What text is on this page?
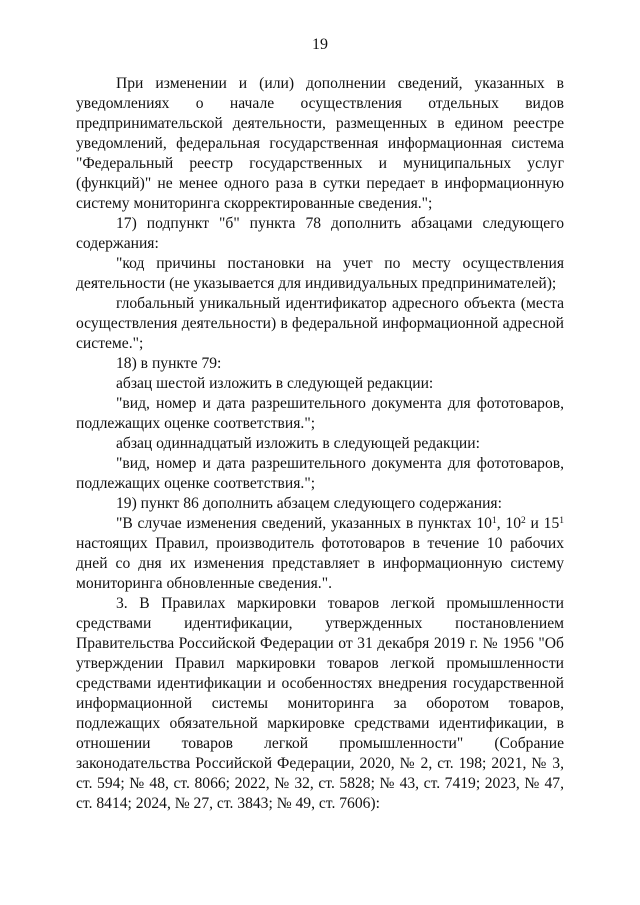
19

При изменении и (или) дополнении сведений, указанных в уведомлениях о начале осуществления отдельных видов предпринимательской деятельности, размещенных в едином реестре уведомлений, федеральная государственная информационная система "Федеральный реестр государственных и муниципальных услуг (функций)" не менее одного раза в сутки передает в информационную систему мониторинга скорректированные сведения.";

17) подпункт "б" пункта 78 дополнить абзацами следующего содержания:

"код причины постановки на учет по месту осуществления деятельности (не указывается для индивидуальных предпринимателей);

глобальный уникальный идентификатор адресного объекта (места осуществления деятельности) в федеральной информационной адресной системе.";

18) в пункте 79:

абзац шестой изложить в следующей редакции:

"вид, номер и дата разрешительного документа для фототоваров, подлежащих оценке соответствия.";

абзац одиннадцатый изложить в следующей редакции:

"вид, номер и дата разрешительного документа для фототоваров, подлежащих оценке соответствия.";

19) пункт 86 дополнить абзацем следующего содержания:

"В случае изменения сведений, указанных в пунктах $10^1$, $10^2$ и $15^1$ настоящих Правил, производитель фототоваров в течение 10 рабочих дней со дня их изменения представляет в информационную систему мониторинга обновленные сведения.".

3. В Правилах маркировки товаров легкой промышленности средствами идентификации, утвержденных постановлением Правительства Российской Федерации от 31 декабря 2019 г. № 1956 "Об утверждении Правил маркировки товаров легкой промышленности средствами идентификации и особенностях внедрения государственной информационной системы мониторинга за оборотом товаров, подлежащих обязательной маркировке средствами идентификации, в отношении товаров легкой промышленности" (Собрание законодательства Российской Федерации, 2020, № 2, ст. 198; 2021, № 3, ст. 594; № 48, ст. 8066; 2022, № 32, ст. 5828; № 43, ст. 7419; 2023, № 47, ст. 8414; 2024, № 27, ст. 3843; № 49, ст. 7606):
